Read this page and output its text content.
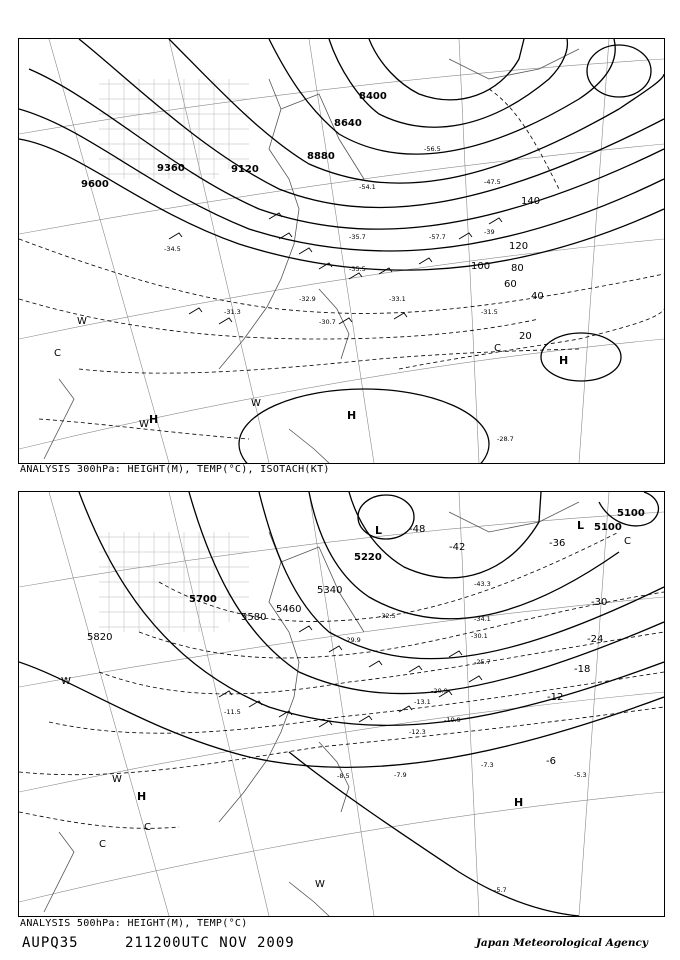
9600
9360	9120
8880
8640
8400
20
40
60
80
100
120
140
-31.3
-30.7
-34.5
-35.7
-35.5
-33.1
-32.9
-31.5
-28.7
-54.1
-56.5
-57.7
-39
-47.5
H
H
H
W
W
W
C	C
ANALYSIS 300hPa: HEIGHT(M), TEMP(°C), ISOTACH(KT)
5820
5700
5580
5460
5340
5220
5100
5100
-6
-12
-18
-24
-30
-36
-42
-48
-5.3
-5.7
-7.9
-7.3
-8.5
-10.9
-11.5
-12.3
-13.1
-20.9
-25.7
-29.9	-30.1
-32.5	-34.1
-43.3
L	L
H	H
W
W
W
C
C
C
ANALYSIS 500hPa: HEIGHT(M), TEMP(°C)
AUPQ35	211200UTC NOV 2009	Japan Meteorological Agency
